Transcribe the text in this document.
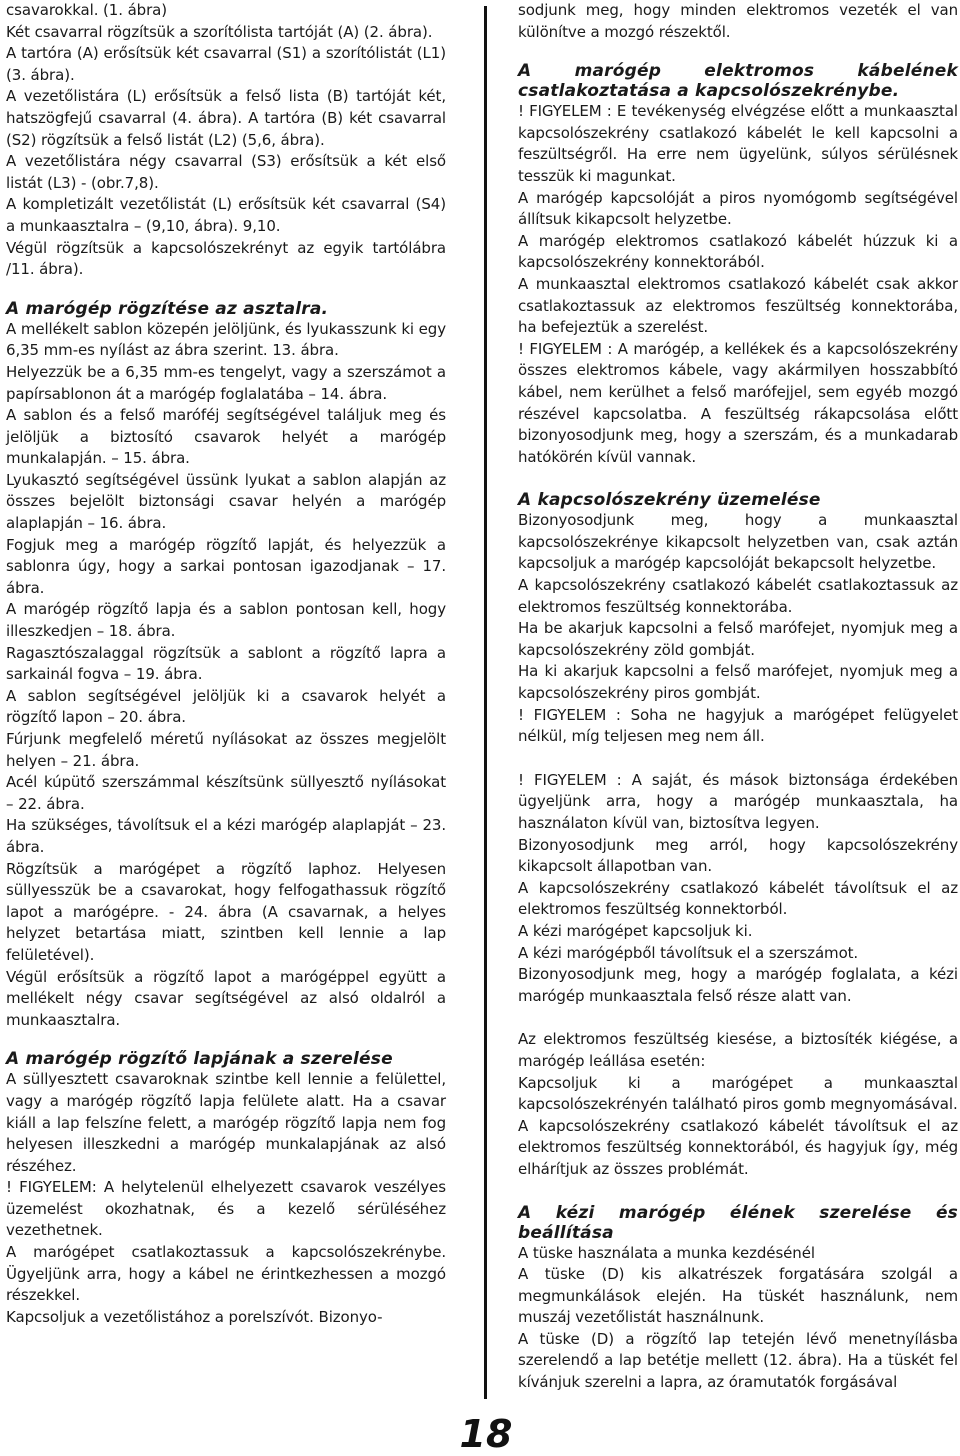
csavarokkal. (1. ábra)

Két csavarral rögzítsük a szorítólista tartóját (A) (2. ábra).

A tartóra (A) erősítsük két csavarral (S1) a szorítólistát (L1) (3. ábra).

A vezetőlistára (L) erősítsük a felső lista (B) tartóját két, hatszögfejű csavarral (4. ábra). A tartóra (B) két csavarral (S2) rögzítsük a felső listát (L2) (5,6, ábra).

A vezetőlistára négy csavarral (S3) erősítsük a két első listát (L3) - (obr.7,8).

A kompletizált vezetőlistát (L) erősítsük két csavarral (S4) a munkaasztalra – (9,10, ábra). 9,10.

Végül rögzítsük a kapcsolószekrényt az egyik tartólábra /11. ábra).

A marógép rögzítése az asztalra.

A mellékelt sablon közepén jelöljünk, és lyukasszunk ki egy 6,35 mm-es nyílást az ábra szerint. 13. ábra.

Helyezzük be a 6,35 mm-es tengelyt, vagy a szerszámot a papírsablonon át a marógép foglalatába – 14. ábra.

A sablon és a felső maróféj segítségével találjuk meg és jelöljük a biztosító csavarok helyét a marógép munkalapján. – 15. ábra.

Lyukasztó segítségével üssünk lyukat a sablon alapján az összes bejelölt biztonsági csavar helyén a marógép alaplapján – 16. ábra.

Fogjuk meg a marógép rögzítő lapját, és helyezzük a sablonra úgy, hogy a sarkai pontosan igazodjanak – 17. ábra.

A marógép rögzítő lapja és a sablon pontosan kell, hogy illeszkedjen – 18. ábra.

Ragasztószalaggal rögzítsük a sablont a rögzítő lapra a sarkainál fogva – 19. ábra.

A sablon segítségével jelöljük ki a csavarok helyét a rögzítő lapon – 20. ábra.

Fúrjunk megfelelő méretű nyílásokat az összes megjelölt helyen – 21. ábra.

Acél kúpütő szerszámmal készítsünk süllyesztő nyílásokat – 22. ábra.

Ha szükséges, távolítsuk el a kézi marógép alaplapját – 23. ábra.

Rögzítsük a marógépet a rögzítő laphoz. Helyesen süllyesszük be a csavarokat, hogy felfogathassuk rögzítő lapot a marógépre. - 24. ábra (A csavarnak, a helyes helyzet betartása miatt, szintben kell lennie a lap felületével).

Végül erősítsük a rögzítő lapot a marógéppel együtt a mellékelt négy csavar segítségével az alsó oldalról a munkaasztalra.

A marógép rögzítő lapjának a szerelése

A süllyesztett csavaroknak szintbe kell lennie a felülettel, vagy a marógép rögzítő lapja felülete alatt. Ha a csavar kiáll a lap felszíne felett, a marógép rögzítő lapja nem fog helyesen illeszkedni a marógép munkalapjának az alsó részéhez.

! FIGYELEM: A helytelenül elhelyezett csavarok veszélyes üzemelést okozhatnak, és a kezelő sérüléséhez vezethetnek.

A marógépet csatlakoztassuk a kapcsolószekrénybe. Ügyeljünk arra, hogy a kábel ne érintkezhessen a mozgó részekkel.

Kapcsoljuk a vezetőlistához a porelszívót. Bizonyo-

sodjunk meg, hogy minden elektromos vezeték el van különítve a mozgó részektől.

A marógép elektromos kábelének csatlakoztatása a kapcsolószekrénybe.

! FIGYELEM : E tevékenység elvégzése előtt a munkaasztal kapcsolószekrény csatlakozó kábelét le kell kapcsolni a feszültségről. Ha erre nem ügyelünk, súlyos sérülésnek tesszük ki magunkat.

A marógép kapcsolóját a piros nyomógomb segítségével állítsuk kikapcsolt helyzetbe.

A marógép elektromos csatlakozó kábelét húzzuk ki a kapcsolószekrény konnektorából.

A munkaasztal elektromos csatlakozó kábelét csak akkor csatlakoztassuk az elektromos feszültség konnektorába, ha befejeztük a szerelést.

! FIGYELEM : A marógép, a kellékek és a kapcsolószekrény összes elektromos kábele, vagy akármilyen hosszabbító kábel, nem kerülhet a felső marófejjel, sem egyéb mozgó részével kapcsolatba. A feszültség rákapcsolása előtt bizonyosodjunk meg, hogy a szerszám, és a munkadarab hatókörén kívül vannak.

A kapcsolószekrény üzemelése

Bizonyosodjunk meg, hogy a munkaasztal kapcsolószekrénye kikapcsolt helyzetben van, csak aztán kapcsoljuk a marógép kapcsolóját bekapcsolt helyzetbe.

A kapcsolószekrény csatlakozó kábelét csatlakoztassuk az elektromos feszültség konnektorába.

Ha be akarjuk kapcsolni a felső marófejet, nyomjuk meg a kapcsolószekrény zöld gombját.

Ha ki akarjuk kapcsolni a felső marófejet, nyomjuk meg a kapcsolószekrény piros gombját.

! FIGYELEM : Soha ne hagyjuk a marógépet felügyelet nélkül, míg teljesen meg nem áll.

! FIGYELEM : A saját, és mások biztonsága érdekében ügyeljünk arra, hogy a marógép munkaasztala, ha használaton kívül van, biztosítva legyen.

Bizonyosodjunk meg arról, hogy kapcsolószekrény kikapcsolt állapotban van.

A kapcsolószekrény csatlakozó kábelét távolítsuk el az elektromos feszültség konnektorból.

A kézi marógépet kapcsoljuk ki.

A kézi marógépből távolítsuk el a szerszámot.

Bizonyosodjunk meg, hogy a marógép foglalata, a kézi marógép munkaasztala felső része alatt van.

Az elektromos feszültség kiesése, a biztosíték kiégése, a marógép leállása esetén:

Kapcsoljuk ki a marógépet a munkaasztal kapcsolószekrényén található piros gomb megnyomásával.

A kapcsolószekrény csatlakozó kábelét távolítsuk el az elektromos feszültség konnektorából, és hagyjuk így, még elhárítjuk az összes problémát.

A kézi marógép élének szerelése és beállítása

A tüske használata a munka kezdésénél

A tüske (D) kis alkatrészek forgatására szolgál a megmunkálások elején. Ha tüskét használunk, nem muszáj vezetőlistát használnunk.

A tüske (D) a rögzítő lap tetején lévő menetnyílásba szerelendő a lap betétje mellett (12. ábra). Ha a tüskét fel kívánjuk szerelni a lapra, az óramutatók forgásával

18
